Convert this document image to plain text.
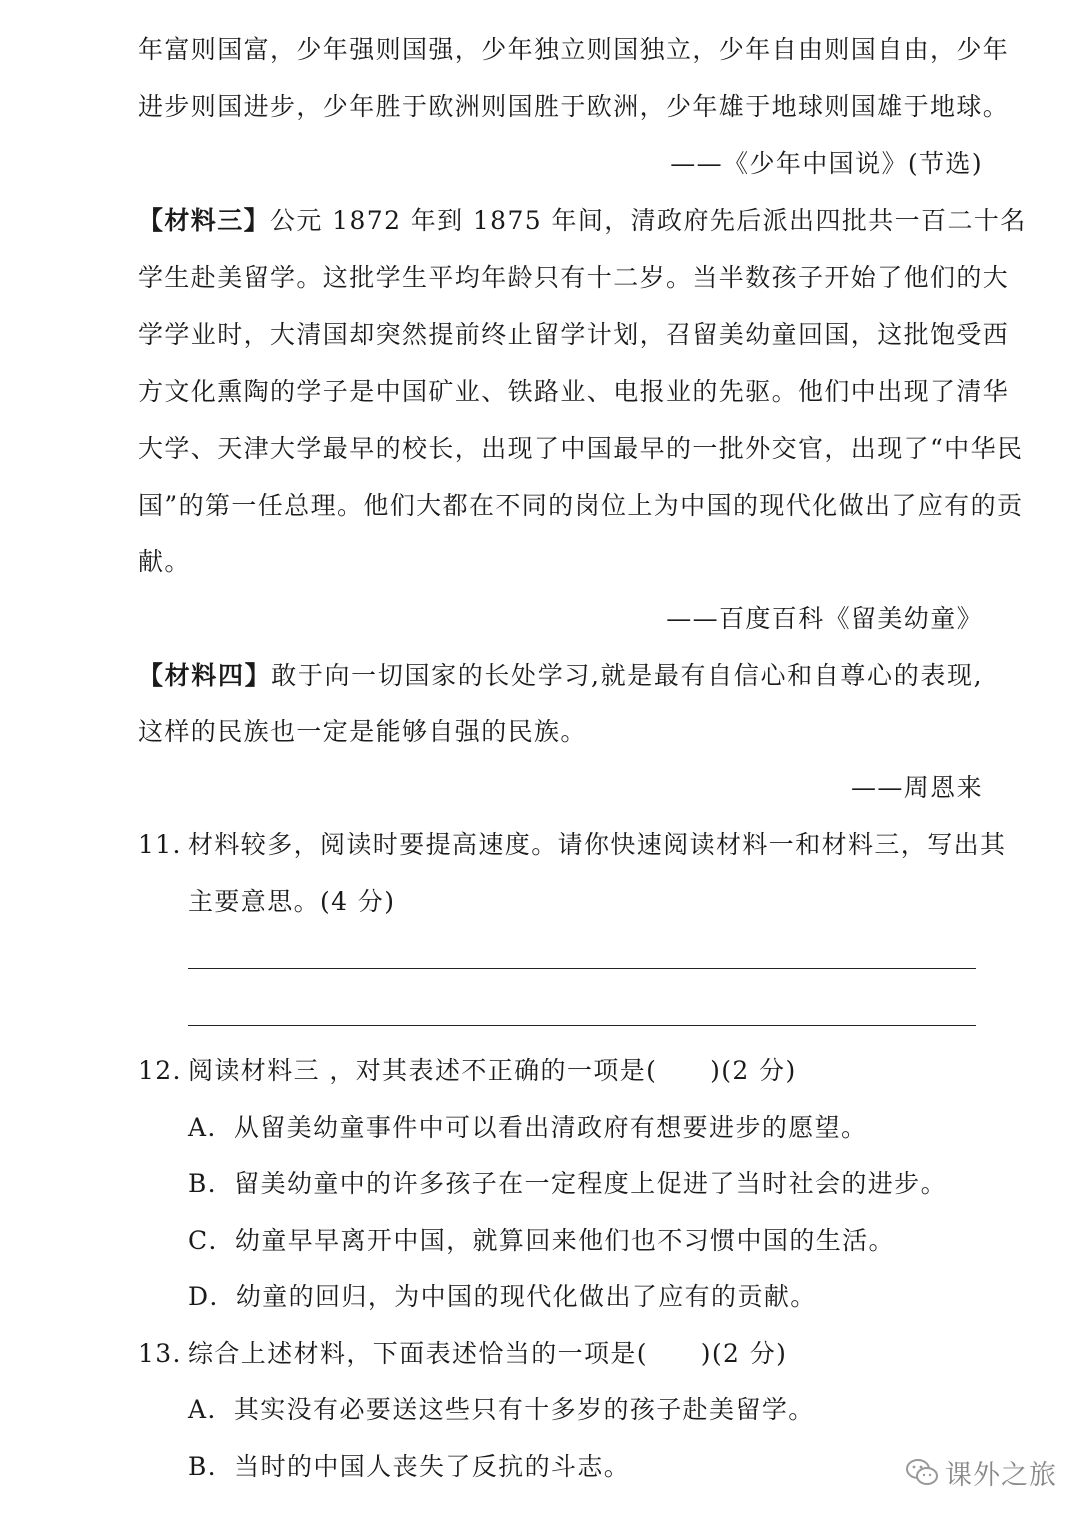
年富则国富，少年强则国强，少年独立则国独立，少年自由则国自由，少年
进步则国进步，少年胜于欧洲则国胜于欧洲，少年雄于地球则国雄于地球。
——《少年中国说》(节选)
【材料三】公元 1872 年到 1875 年间，清政府先后派出四批共一百二十名
学生赴美留学。这批学生平均年龄只有十二岁。当半数孩子开始了他们的大
学学业时，大清国却突然提前终止留学计划，召留美幼童回国，这批饱受西
方文化熏陶的学子是中国矿业、铁路业、电报业的先驱。他们中出现了清华
大学、天津大学最早的校长，出现了中国最早的一批外交官，出现了“中华民
国”的第一任总理。他们大都在不同的岗位上为中国的现代化做出了应有的贡
献。
——百度百科《留美幼童》
【材料四】敢于向一切国家的长处学习,就是最有自信心和自尊心的表现,
这样的民族也一定是能够自强的民族。
——周恩来
11．材料较多，阅读时要提高速度。请你快速阅读材料一和材料三，写出其
主要意思。(4 分)
12．阅读材料三 ，对其表述不正确的一项是(　　)(2 分)
A．从留美幼童事件中可以看出清政府有想要进步的愿望。
B．留美幼童中的许多孩子在一定程度上促进了当时社会的进步。
C．幼童早早离开中国，就算回来他们也不习惯中国的生活。
D．幼童的回归，为中国的现代化做出了应有的贡献。
13．综合上述材料，下面表述恰当的一项是(　　)(2 分)
A．其实没有必要送这些只有十多岁的孩子赴美留学。
B．当时的中国人丧失了反抗的斗志。	课外之旅
